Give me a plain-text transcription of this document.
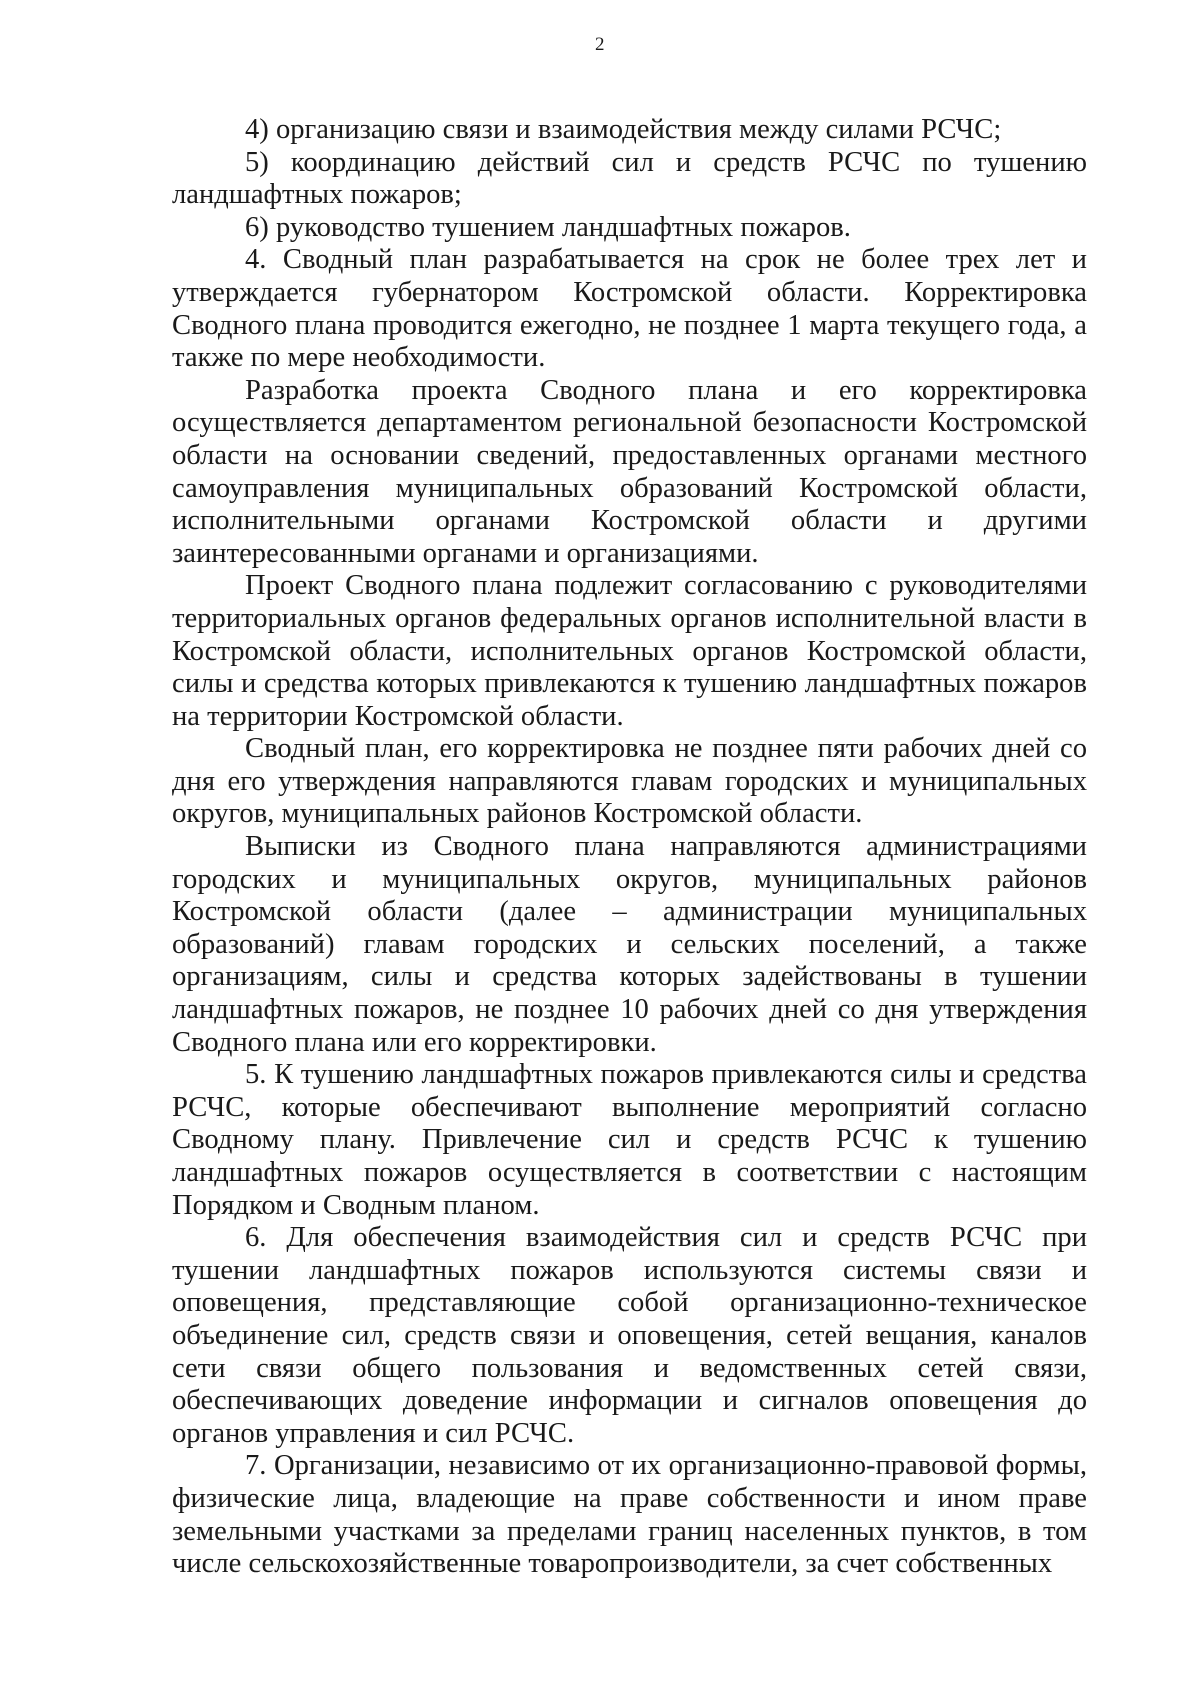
2

4) организацию связи и взаимодействия между силами РСЧС;

5) координацию действий сил и средств РСЧС по тушению ландшафтных пожаров;

6) руководство тушением ландшафтных пожаров.

4. Сводный план разрабатывается на срок не более трех лет и утверждается губернатором Костромской области. Корректировка Сводного плана проводится ежегодно, не позднее 1 марта текущего года, а также по мере необходимости.

Разработка проекта Сводного плана и его корректировка осуществляется департаментом региональной безопасности Костромской области на основании сведений, предоставленных органами местного самоуправления муниципальных образований Костромской области, исполнительными органами Костромской области и другими заинтересованными органами и организациями.

Проект Сводного плана подлежит согласованию с руководителями территориальных органов федеральных органов исполнительной власти в Костромской области, исполнительных органов Костромской области, силы и средства которых привлекаются к тушению ландшафтных пожаров на территории Костромской области.

Сводный план, его корректировка не позднее пяти рабочих дней со дня его утверждения направляются главам городских и муниципальных округов, муниципальных районов Костромской области.

Выписки из Сводного плана направляются администрациями городских и муниципальных округов, муниципальных районов Костромской области (далее – администрации муниципальных образований) главам городских и сельских поселений, а также организациям, силы и средства которых задействованы в тушении ландшафтных пожаров, не позднее 10 рабочих дней со дня утверждения Сводного плана или его корректировки.

5. К тушению ландшафтных пожаров привлекаются силы и средства РСЧС, которые обеспечивают выполнение мероприятий согласно Сводному плану. Привлечение сил и средств РСЧС к тушению ландшафтных пожаров осуществляется в соответствии с настоящим Порядком и Сводным планом.

6. Для обеспечения взаимодействия сил и средств РСЧС при тушении ландшафтных пожаров используются системы связи и оповещения, представляющие собой организационно-техническое объединение сил, средств связи и оповещения, сетей вещания, каналов сети связи общего пользования и ведомственных сетей связи, обеспечивающих доведение информации и сигналов оповещения до органов управления и сил РСЧС.

7. Организации, независимо от их организационно-правовой формы, физические лица, владеющие на праве собственности и ином праве земельными участками за пределами границ населенных пунктов, в том числе сельскохозяйственные товаропроизводители, за счет собственных
